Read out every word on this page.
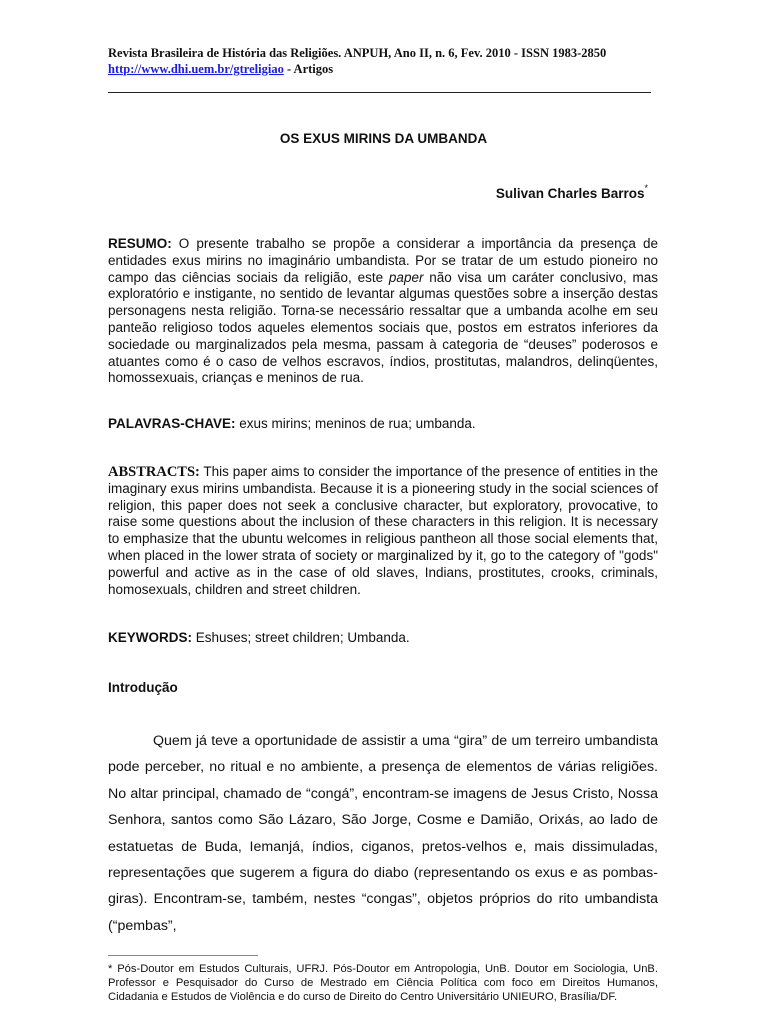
Revista Brasileira de História das Religiões. ANPUH, Ano II, n. 6, Fev. 2010 - ISSN 1983-2850
http://www.dhi.uem.br/gtreligiao - Artigos
OS EXUS MIRINS DA UMBANDA
Sulivan Charles Barros*

RESUMO: O presente trabalho se propõe a considerar a importância da presença de entidades exus mirins no imaginário umbandista. Por se tratar de um estudo pioneiro no campo das ciências sociais da religião, este paper não visa um caráter conclusivo, mas exploratório e instigante, no sentido de levantar algumas questões sobre a inserção destas personagens nesta religião. Torna-se necessário ressaltar que a umbanda acolhe em seu panteão religioso todos aqueles elementos sociais que, postos em estratos inferiores da sociedade ou marginalizados pela mesma, passam à categoria de “deuses” poderosos e atuantes como é o caso de velhos escravos, índios, prostitutas, malandros, delinqüentes, homossexuais, crianças e meninos de rua.

PALAVRAS-CHAVE: exus mirins; meninos de rua; umbanda.

ABSTRACTS: This paper aims to consider the importance of the presence of entities in the imaginary exus mirins umbandista. Because it is a pioneering study in the social sciences of religion, this paper does not seek a conclusive character, but exploratory, provocative, to raise some questions about the inclusion of these characters in this religion. It is necessary to emphasize that the ubuntu welcomes in religious pantheon all those social elements that, when placed in the lower strata of society or marginalized by it, go to the category of "gods" powerful and active as in the case of old slaves, Indians, prostitutes, crooks, criminals, homosexuals, children and street children.

KEYWORDS: Eshuses; street children; Umbanda.

Introdução

Quem já teve a oportunidade de assistir a uma “gira” de um terreiro umbandista pode perceber, no ritual e no ambiente, a presença de elementos de várias religiões. No altar principal, chamado de “congá”, encontram-se imagens de Jesus Cristo, Nossa Senhora, santos como São Lázaro, São Jorge, Cosme e Damião, Orixás, ao lado de estatuetas de Buda, Iemanjá, índios, ciganos, pretos-velhos e, mais dissimuladas, representações que sugerem a figura do diabo (representando os exus e as pombas-giras). Encontram-se, também, nestes “congas”, objetos próprios do rito umbandista (“pembas”,

* Pós-Doutor em Estudos Culturais, UFRJ. Pós-Doutor em Antropologia, UnB. Doutor em Sociologia, UnB. Professor e Pesquisador do Curso de Mestrado em Ciência Política com foco em Direitos Humanos, Cidadania e Estudos de Violência e do curso de Direito do Centro Universitário UNIEURO, Brasília/DF.
